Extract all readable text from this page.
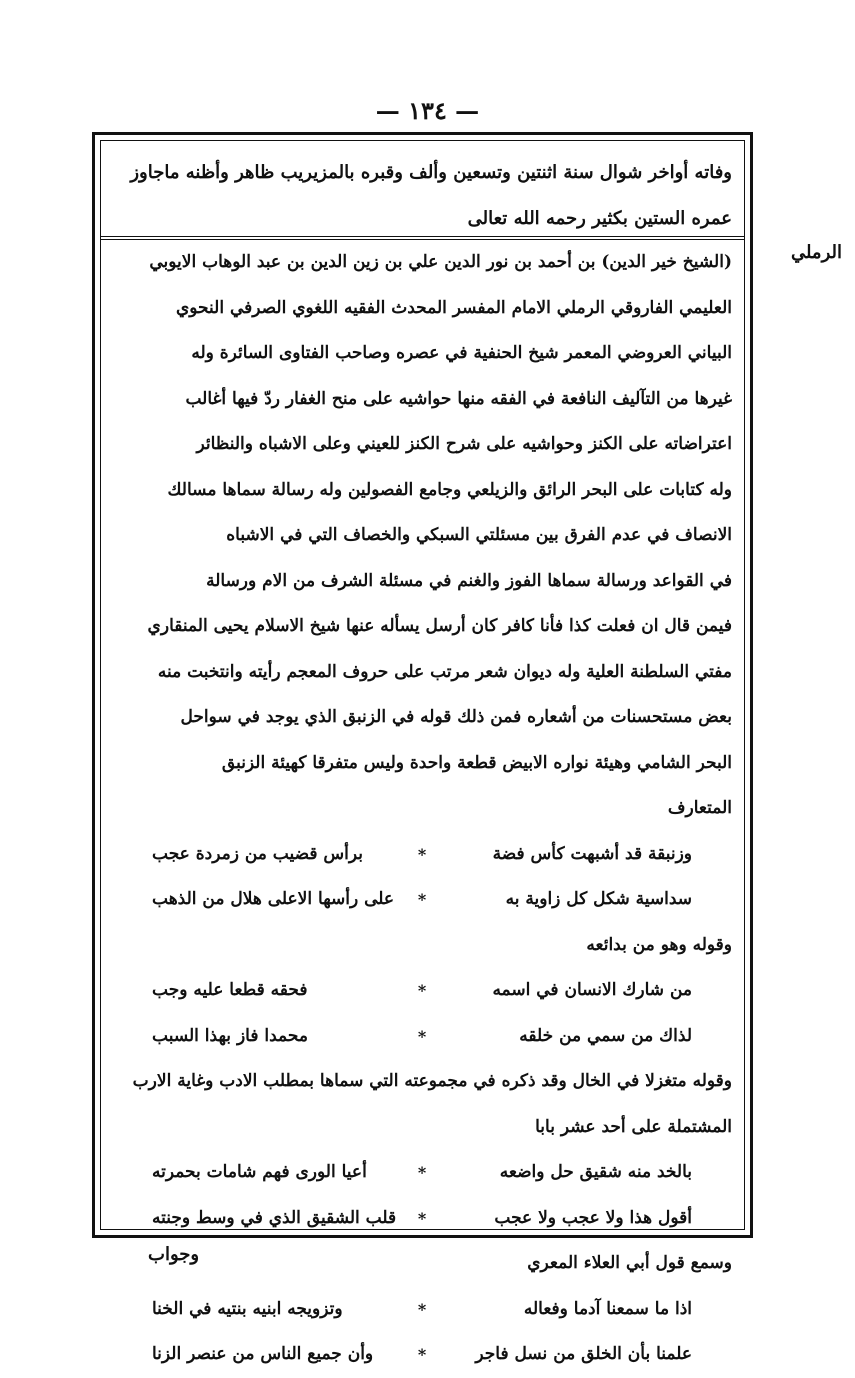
— ١٣٤ —
وفاته أواخر شوال سنة اثنتين وتسعين وألف وقبره بالمزيريب ظاهر وأظنه ماجاوز
عمره الستين بكثير رحمه الله تعالى
الرملي
(الشيخ خير الدين) بن أحمد بن نور الدين علي بن زين الدين بن عبد الوهاب الايوبي
العليمي الفاروقي الرملي الامام المفسر المحدث الفقيه اللغوي الصرفي النحوي
البياني العروضي المعمر شيخ الحنفية في عصره وصاحب الفتاوى السائرة وله
غيرها من التآليف النافعة في الفقه منها حواشيه على منح الغفار ردّ فيها أغالب
اعتراضاته على الكنز وحواشيه على شرح الكنز للعيني وعلى الاشباه والنظائر
وله كتابات على البحر الرائق والزيلعي وجامع الفصولين وله رسالة سماها مسالك
الانصاف في عدم الفرق بين مسئلتي السبكي والخصاف التي في الاشباه
في القواعد ورسالة سماها الفوز والغنم في مسئلة الشرف من الام ورسالة
فيمن قال ان فعلت كذا فأنا كافر كان أرسل يسأله عنها شيخ الاسلام يحيى المنقاري
مفتي السلطنة العلية وله ديوان شعر مرتب على حروف المعجم رأيته وانتخبت منه
بعض مستحسنات من أشعاره فمن ذلك قوله في الزنبق الذي يوجد في سواحل
البحر الشامي وهيئة نواره الابيض قطعة واحدة وليس متفرقا كهيئة الزنبق
المتعارف
وزنبقة قد أشبهت كأس فضة
*
برأس قضيب من زمردة عجب
سداسية شكل كل زاوية به
*
على رأسها الاعلى هلال من الذهب
وقوله وهو من بدائعه
من شارك الانسان في اسمه
*
فحقه قطعا عليه وجب
لذاك من سمي من خلقه
*
محمدا فاز بهذا السبب
وقوله متغزلا في الخال وقد ذكره في مجموعته التي سماها بمطلب الادب وغاية الارب
المشتملة على أحد عشر بابا
بالخد منه شقيق حل واضعه
*
أعيا الورى فهم شامات بحمرته
أقول هذا ولا عجب ولا عجب
*
قلب الشقيق الذي في وسط وجنته
وسمع قول أبي العلاء المعري
اذا ما سمعنا آدما وفعاله
*
وتزويجه ابنيه بنتيه في الخنا
علمنا بأن الخلق من نسل فاجر
*
وأن جميع الناس من عنصر الزنا
وجواب
